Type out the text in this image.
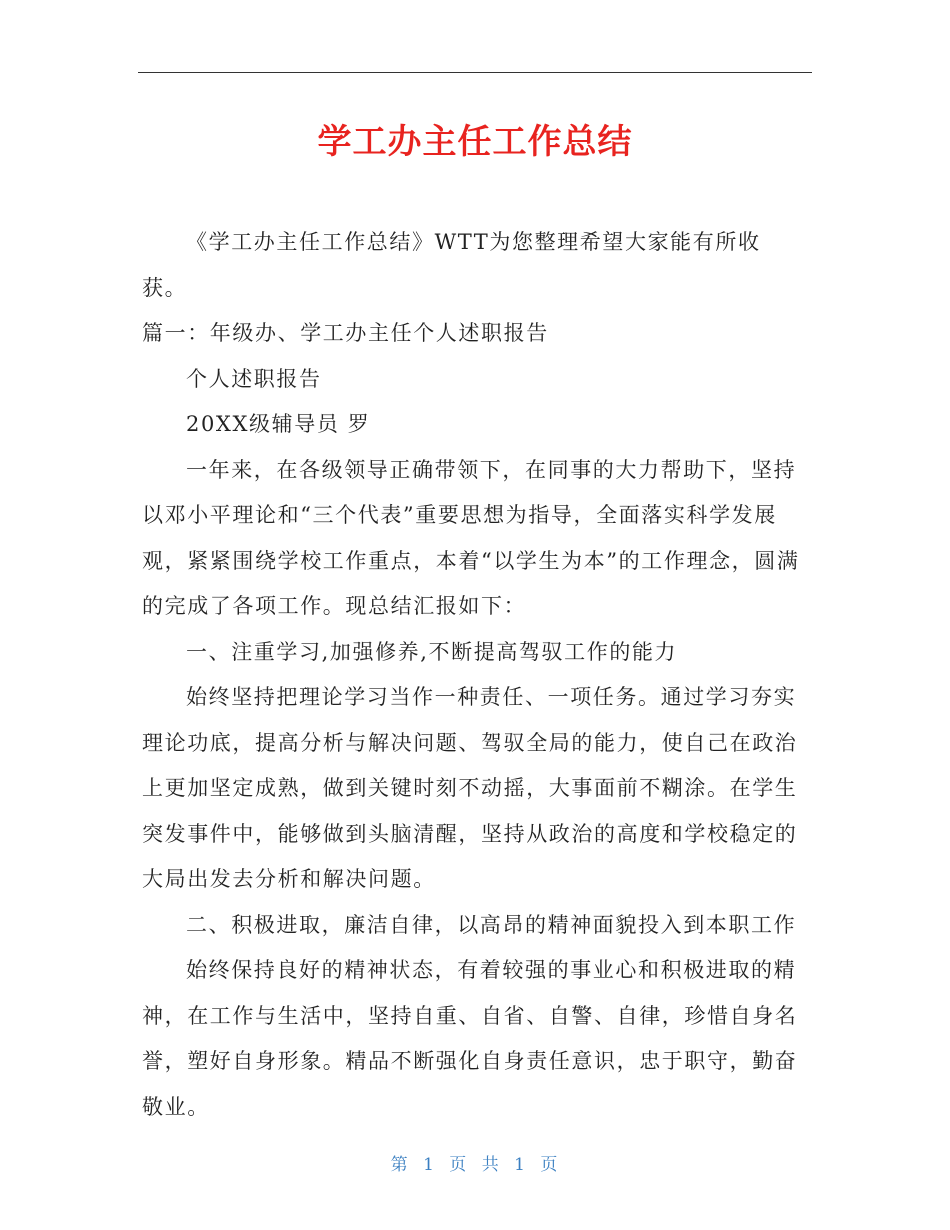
学工办主任工作总结

《学工办主任工作总结》WTT为您整理希望大家能有所收获。

篇一：年级办、学工办主任个人述职报告

个人述职报告

20XX级辅导员 罗

一年来，在各级领导正确带领下，在同事的大力帮助下，坚持以邓小平理论和“三个代表”重要思想为指导，全面落实科学发展观，紧紧围绕学校工作重点，本着“以学生为本”的工作理念，圆满的完成了各项工作。现总结汇报如下：

一、注重学习,加强修养,不断提高驾驭工作的能力

始终坚持把理论学习当作一种责任、一项任务。通过学习夯实理论功底，提高分析与解决问题、驾驭全局的能力，使自己在政治上更加坚定成熟，做到关键时刻不动摇，大事面前不糊涂。在学生突发事件中，能够做到头脑清醒，坚持从政治的高度和学校稳定的大局出发去分析和解决问题。

二、积极进取，廉洁自律，以高昂的精神面貌投入到本职工作

始终保持良好的精神状态，有着较强的事业心和积极进取的精神，在工作与生活中，坚持自重、自省、自警、自律，珍惜自身名誉，塑好自身形象。精品不断强化自身责任意识，忠于职守，勤奋敬业。

第 1 页 共 1 页
